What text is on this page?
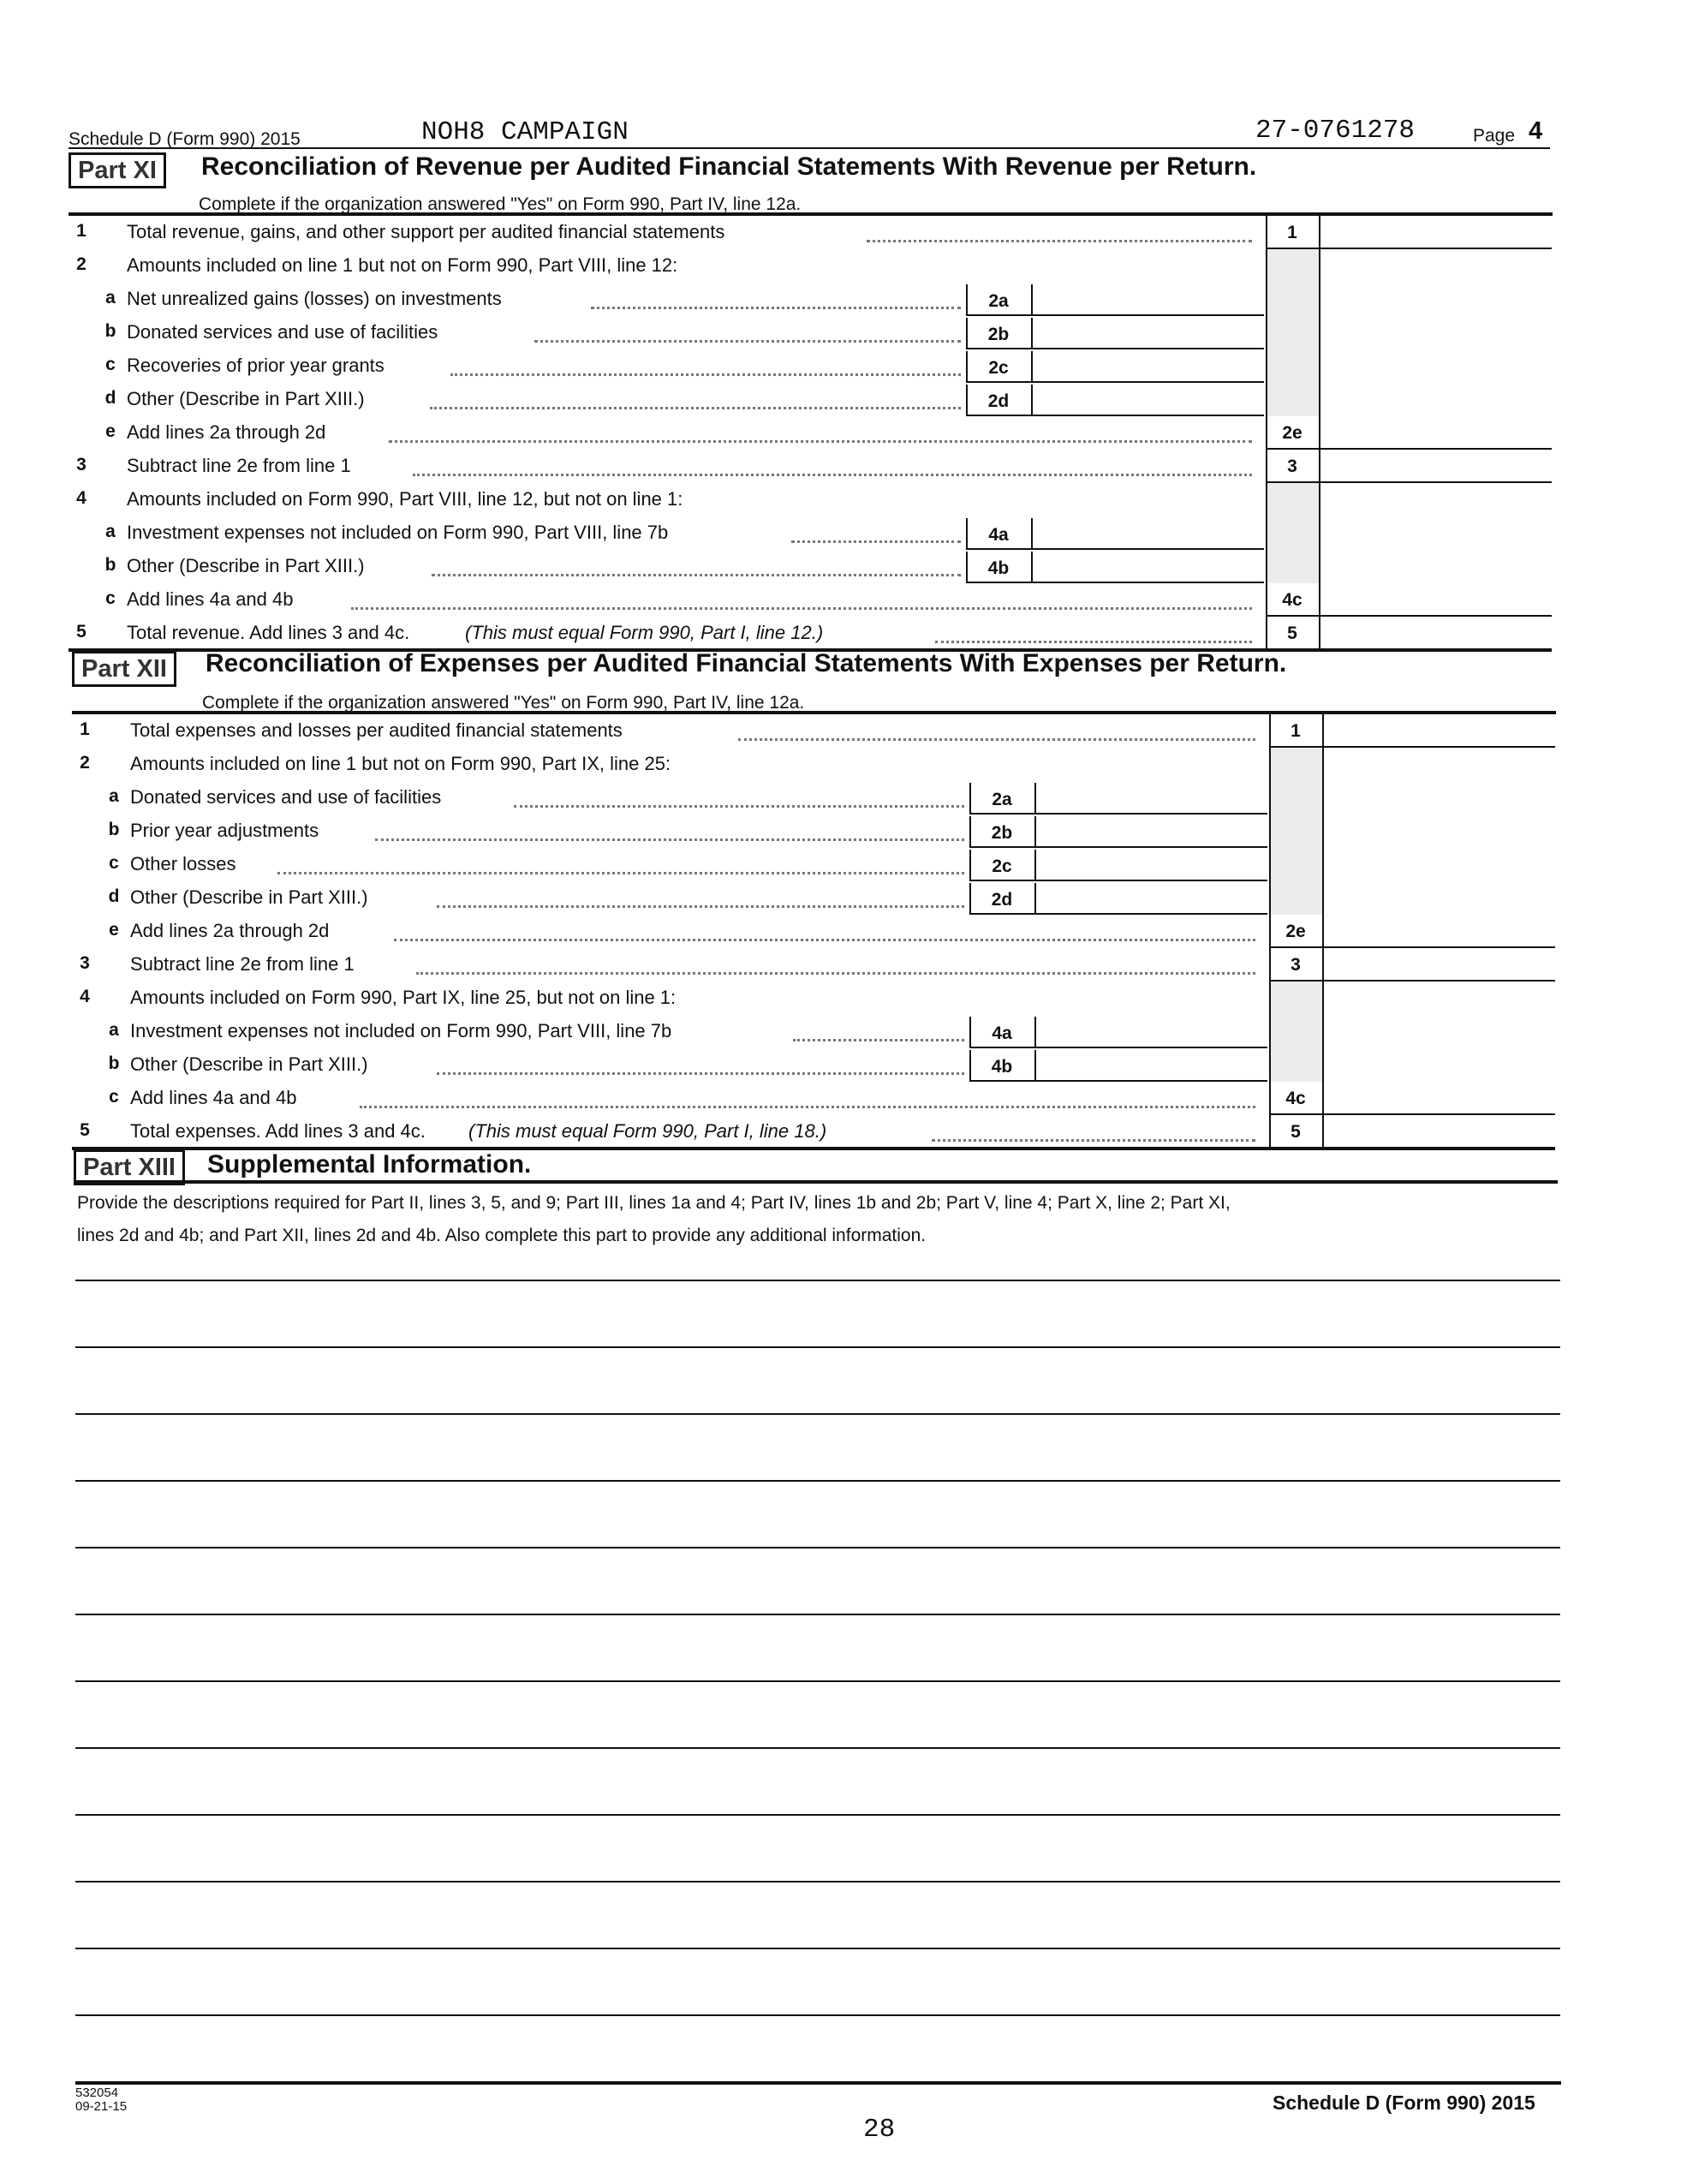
Schedule D (Form 990) 2015	NOH8 CAMPAIGN	27-0761278	Page 4
Part XI	Reconciliation of Revenue per Audited Financial Statements With Revenue per Return.
Complete if the organization answered "Yes" on Form 990, Part IV, line 12a.
1	Total revenue, gains, and other support per audited financial statements	1
2	Amounts included on line 1 but not on Form 990, Part VIII, line 12:
a Net unrealized gains (losses) on investments	2a
b Donated services and use of facilities	2b
c Recoveries of prior year grants	2c
d Other (Describe in Part XIII.)	2d
e Add lines 2a through 2d	2e
3	Subtract line 2e from line 1	3
4	Amounts included on Form 990, Part VIII, line 12, but not on line 1:
a Investment expenses not included on Form 990, Part VIII, line 7b	4a
b Other (Describe in Part XIII.)	4b
c Add lines 4a and 4b	4c
5	Total revenue. Add lines 3 and 4c.	(This must equal Form 990, Part I, line 12.)	5
Part XII	Reconciliation of Expenses per Audited Financial Statements With Expenses per Return.
Complete if the organization answered "Yes" on Form 990, Part IV, line 12a.
1	Total expenses and losses per audited financial statements	1
2	Amounts included on line 1 but not on Form 990, Part IX, line 25:
a Donated services and use of facilities	2a
b Prior year adjustments	2b
c Other losses	2c
d Other (Describe in Part XIII.)	2d
e Add lines 2a through 2d	2e
3	Subtract line 2e from line 1	3
4	Amounts included on Form 990, Part IX, line 25, but not on line 1:
a Investment expenses not included on Form 990, Part VIII, line 7b	4a
b Other (Describe in Part XIII.)	4b
c Add lines 4a and 4b	4c
5	Total expenses. Add lines 3 and 4c. (This must equal Form 990, Part I, line 18.)	5
Part XIII	Supplemental Information.
Provide the descriptions required for Part II, lines 3, 5, and 9; Part III, lines 1a and 4; Part IV, lines 1b and 2b; Part V, line 4; Part X, line 2; Part XI,
lines 2d and 4b; and Part XII, lines 2d and 4b. Also complete this part to provide any additional information.
532054
09-21-15	Schedule D (Form 990) 2015
28
